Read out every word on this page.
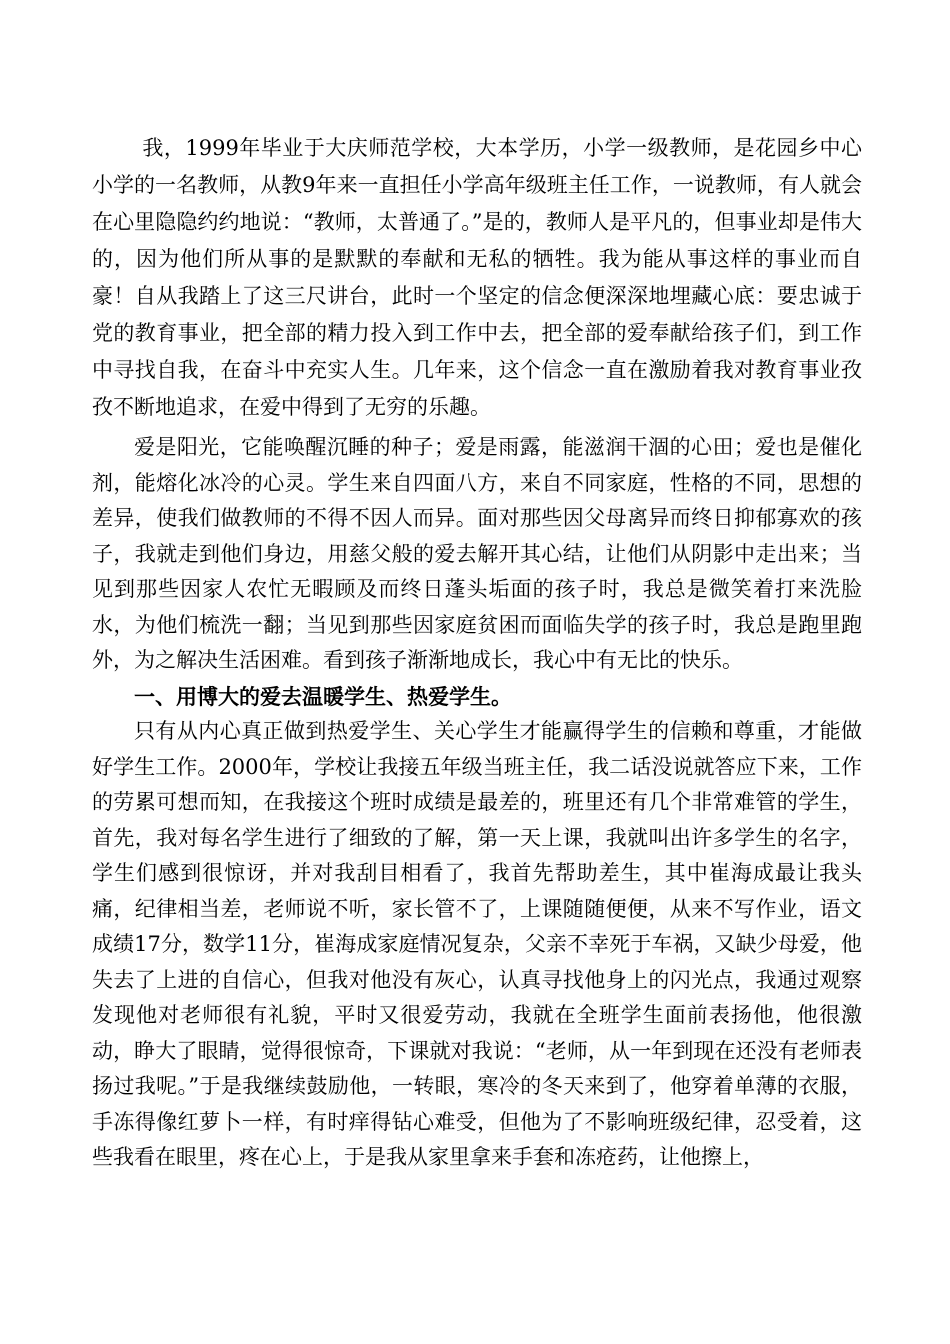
我，1999年毕业于大庆师范学校，大本学历，小学一级教师，是花园乡中心小学的一名教师，从教9年来一直担任小学高年级班主任工作，一说教师，有人就会在心里隐隐约约地说：“教师，太普通了。”是的，教师人是平凡的，但事业却是伟大的，因为他们所从事的是默默的奉献和无私的牺牲。我为能从事这样的事业而自豪！自从我踏上了这三尺讲台，此时一个坚定的信念便深深地埋藏心底：要忠诚于党的教育事业，把全部的精力投入到工作中去，把全部的爱奉献给孩子们，到工作中寻找自我，在奋斗中充实人生。几年来，这个信念一直在激励着我对教育事业孜孜不断地追求，在爱中得到了无穷的乐趣。

爱是阳光，它能唤醒沉睡的种子；爱是雨露，能滋润干涸的心田；爱也是催化剂，能熔化冰冷的心灵。学生来自四面八方，来自不同家庭，性格的不同，思想的差异，使我们做教师的不得不因人而异。面对那些因父母离异而终日抑郁寡欢的孩子，我就走到他们身边，用慈父般的爱去解开其心结，让他们从阴影中走出来；当见到那些因家人农忙无暇顾及而终日蓬头垢面的孩子时，我总是微笑着打来洗脸水，为他们梳洗一翻；当见到那些因家庭贫困而面临失学的孩子时，我总是跑里跑外，为之解决生活困难。看到孩子渐渐地成长，我心中有无比的快乐。

一、用博大的爱去温暖学生、热爱学生。

只有从内心真正做到热爱学生、关心学生才能赢得学生的信赖和尊重，才能做好学生工作。2000年，学校让我接五年级当班主任，我二话没说就答应下来，工作的劳累可想而知，在我接这个班时成绩是最差的，班里还有几个非常难管的学生，首先，我对每名学生进行了细致的了解，第一天上课，我就叫出许多学生的名字，学生们感到很惊讶，并对我刮目相看了，我首先帮助差生，其中崔海成最让我头痛，纪律相当差，老师说不听，家长管不了，上课随随便便，从来不写作业，语文成绩17分，数学11分，崔海成家庭情况复杂，父亲不幸死于车祸，又缺少母爱，他失去了上进的自信心，但我对他没有灰心，认真寻找他身上的闪光点，我通过观察发现他对老师很有礼貌，平时又很爱劳动，我就在全班学生面前表扬他，他很激动，睁大了眼睛，觉得很惊奇，下课就对我说：“老师，从一年到现在还没有老师表扬过我呢。”于是我继续鼓励他，一转眼，寒冷的冬天来到了，他穿着单薄的衣服，手冻得像红萝卜一样，有时痒得钻心难受，但他为了不影响班级纪律，忍受着，这些我看在眼里，疼在心上，于是我从家里拿来手套和冻疮药，让他擦上，
